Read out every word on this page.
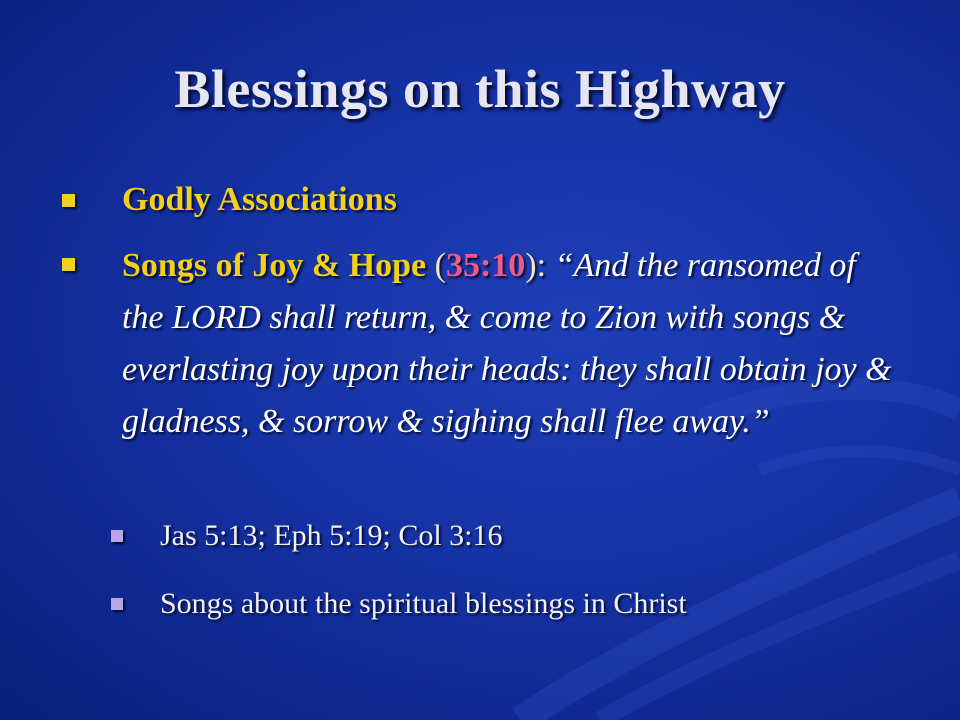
Blessings on this Highway
Godly Associations
Songs of Joy & Hope (35:10): “And the ransomed of the LORD shall return, & come to Zion with songs & everlasting joy upon their heads: they shall obtain joy & gladness, & sorrow & sighing shall flee away.”
Jas 5:13; Eph 5:19; Col 3:16
Songs about the spiritual blessings in Christ
